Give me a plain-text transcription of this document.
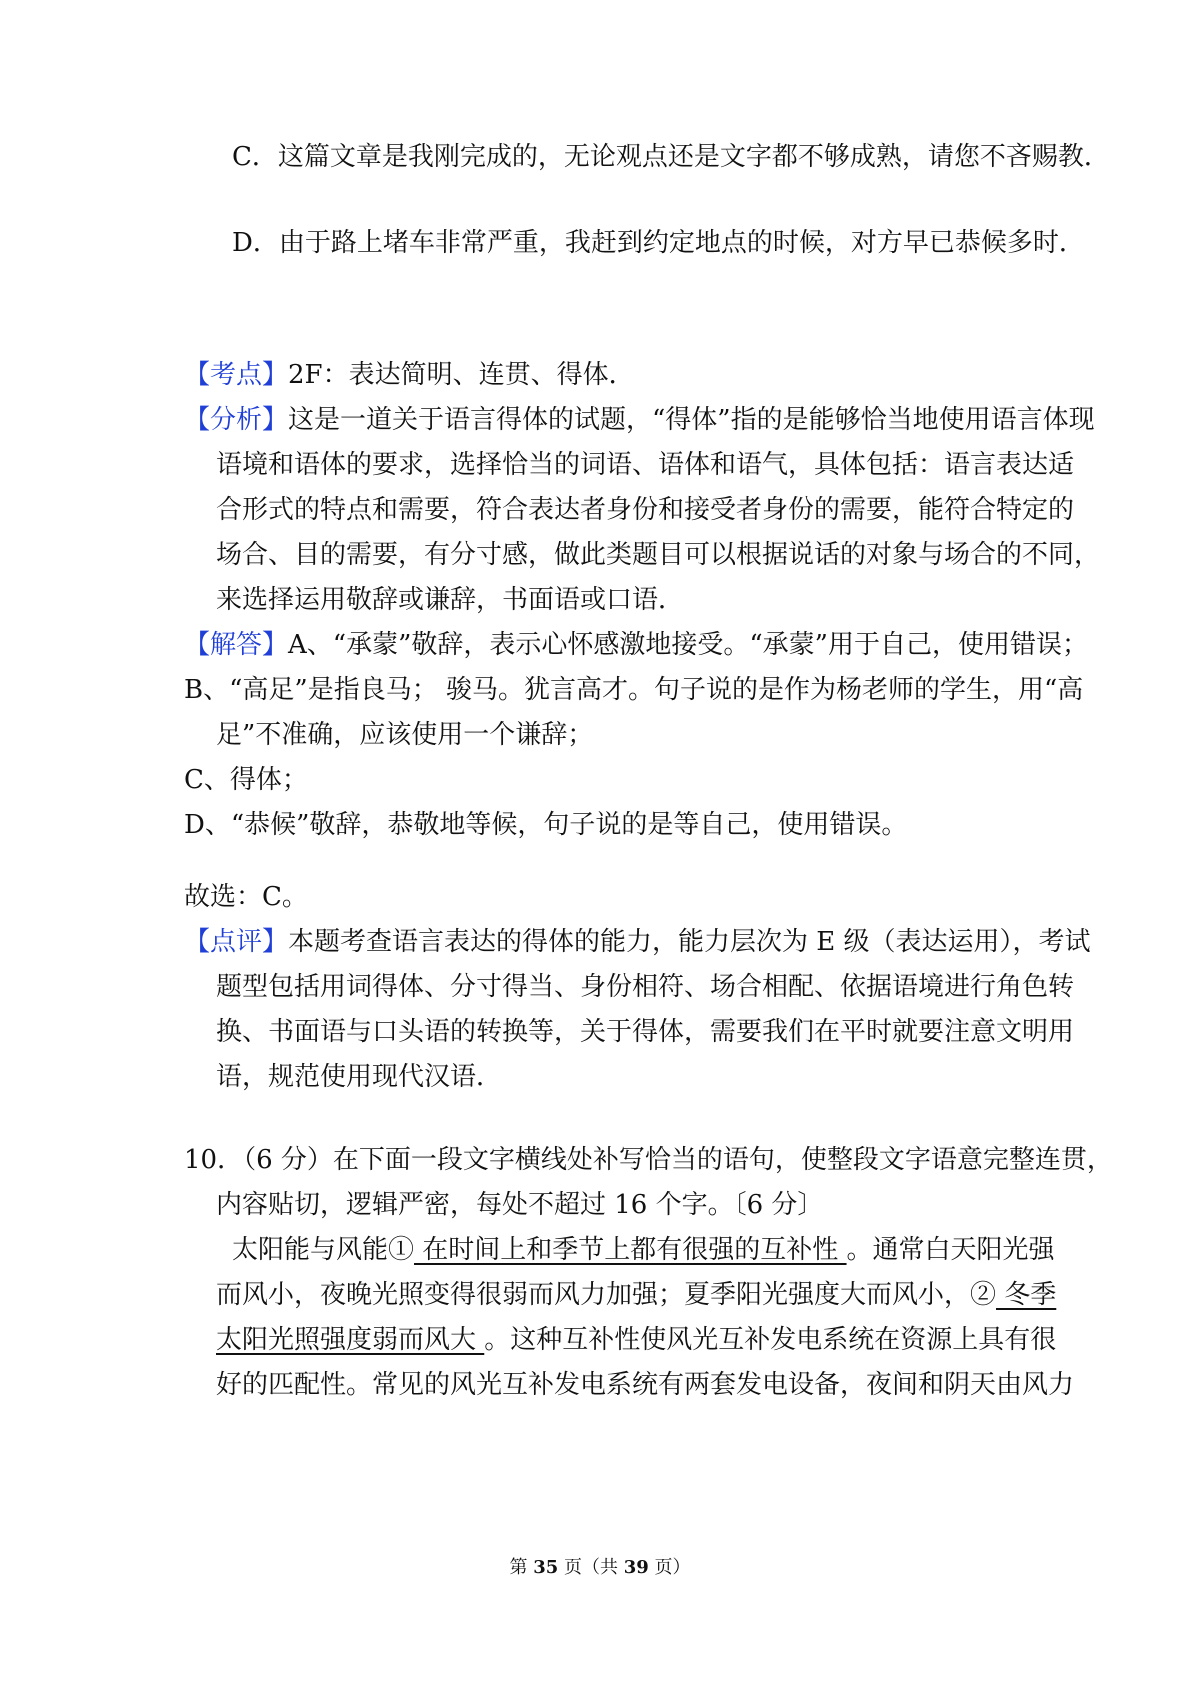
C．这篇文章是我刚完成的，无论观点还是文字都不够成熟，请您不吝赐教．
D．由于路上堵车非常严重，我赶到约定地点的时候，对方早已恭候多时．
【考点】2F：表达简明、连贯、得体．
【分析】这是一道关于语言得体的试题，“得体”指的是能够恰当地使用语言体现
语境和语体的要求，选择恰当的词语、语体和语气，具体包括：语言表达适
合形式的特点和需要，符合表达者身份和接受者身份的需要，能符合特定的
场合、目的需要，有分寸感，做此类题目可以根据说话的对象与场合的不同，
来选择运用敬辞或谦辞，书面语或口语．
【解答】A、“承蒙”敬辞，表示心怀感激地接受。“承蒙”用于自己，使用错误；
B、“高足”是指良马； 骏马。犹言高才。句子说的是作为杨老师的学生，用“高
足”不准确，应该使用一个谦辞；
C、得体；
D、“恭候”敬辞，恭敬地等候，句子说的是等自己，使用错误。
故选：C。
【点评】本题考查语言表达的得体的能力，能力层次为 E 级（表达运用），考试
题型包括用词得体、分寸得当、身份相符、场合相配、依据语境进行角色转
换、书面语与口头语的转换等，关于得体，需要我们在平时就要注意文明用
语，规范使用现代汉语．
10．（6 分）在下面一段文字横线处补写恰当的语句，使整段文字语意完整连贯，
内容贴切，逻辑严密，每处不超过 16 个字。〔6 分〕
太阳能与风能① 在时间上和季节上都有很强的互补性 。通常白天阳光强
而风小，夜晚光照变得很弱而风力加强；夏季阳光强度大而风小，② 冬季
太阳光照强度弱而风大 。这种互补性使风光互补发电系统在资源上具有很
好的匹配性。常见的风光互补发电系统有两套发电设备，夜间和阴天由风力
第 35 页（共 39 页）
